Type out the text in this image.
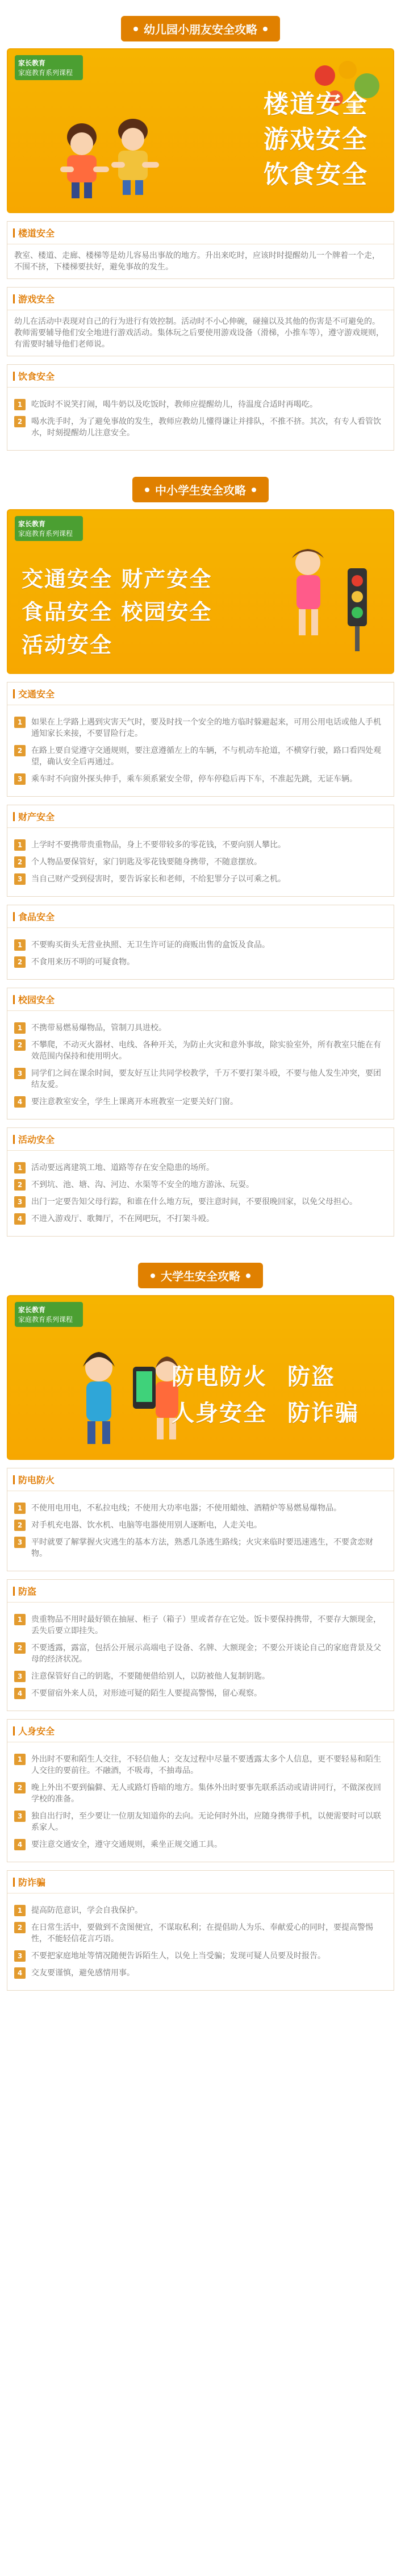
幼儿园小朋友安全攻略
家长教育
家庭教育系列课程
楼道安全
游戏安全
饮食安全
楼道安全

教室、楼道、走廊、楼梯等是幼儿容易出事故的地方。升出来吃时，应该时时提醒幼儿一个牌着一个走，不围不挤，下楼梯要扶好，避免事故的发生。

游戏安全

幼儿在活动中表现对自己的行为进行有效控制。活动时不小心伸碗，碰撞以及其他的伤害是不可避免的。教师需要辅导他们安全地进行游戏活动。集体玩之后要使用游戏设备（滑梯，小推车等），遵守游戏规则，有需要时辅导他们老师说。

饮食安全
1	吃饭时不说笑打闹，喝牛奶以及吃饭时，教师应提醒幼儿，待温度合适时再喝吃。
2	喝水洗手时，为了避免事故的发生，教师应教幼儿懂得谦让并排队，不推不挤。其次，有专人看管饮水，时刻提醒幼儿注意安全。
中小学生安全攻略
家长教育
家庭教育系列课程
交通安全 财产安全
食品安全 校园安全
活动安全
交通安全
1	如果在上学路上遇到灾害天气时，要及时找一个安全的地方临时躲避起来，可用公用电话或他人手机通知家长来接，不要冒险行走。
2	在路上要自觉遵守交通规则，要注意遵循左上的车辆，不与机动车抢道，不横穿行驶，路口看四处观望，确认安全后再通过。
3	乘车时不向窗外探头伸手，乘车须系紧安全带，停车停稳后再下车，不准起先跳，无证车辆。
财产安全
1	上学时不要携带贵重物品，身上不要带较多的零花钱，不要向别人攀比。
2	个人物品要保管好，家门钥匙及零花钱要随身携带，不随意摆放。
3	当自己财产受到侵害时，要告诉家长和老师，不给犯罪分子以可乘之机。
食品安全
1	不要购买街头无营业执照、无卫生许可证的商贩出售的盒饭及食品。
2	不食用来历不明的可疑食物。
校园安全
1	不携带易燃易爆物品，管制刀具进校。
2	不攀爬，不动灭火器材、电线、各种开关，为防止火灾和意外事故，除实验室外，所有教室只能在有效范围内保持和使用明火。
3	同学们之间在课余时间，要友好互让共同学校教学，千万不要打架斗殴，不要与他人发生冲突，要团结友爱。
4	要注意教室安全，学生上课离开本班教室一定要关好门窗。
活动安全
1	活动要远离建筑工地、道路等存在安全隐患的场所。
2	不到坑、池、塘、沟、河边、水渠等不安全的地方游泳、玩耍。
3	出门一定要告知父母行踪，和谁在什么地方玩，要注意时间，不要很晚回家，以免父母担心。
4	不进入游戏厅、歌舞厅，不在网吧玩，不打架斗殴。
大学生安全攻略
家长教育
家庭教育系列课程
防电防火 防盗
人身安全 防诈骗
防电防火
1	不使用电用电，不私拉电线；不使用大功率电器；不使用蜡烛、酒精炉等易燃易爆物品。
2	对手机充电器、饮水机、电脑等电器使用别人逐断电，人走关电。
3	平时就要了解掌握火灾逃生的基本方法，熟悉几条逃生路线；火灾来临时要迅速逃生，不要贪恋财物。
防盗
1	贵重物品不用时最好锁在抽屉、柜子（箱子）里或者存在它处。饭卡要保持携带，不要存大额现金，丢失后要立即挂失。
2	不要透露，露富，包括公开展示高端电子设备、名牌、大额现金；不要公开谈论自己的家庭背景及父母的经济状况。
3	注意保管好自己的钥匙，不要随便借给别人，以防被他人复制钥匙。
4	不要留宿外来人员，对形迹可疑的陌生人要提高警惕，留心观察。
人身安全
1	外出时不要和陌生人交往，不轻信他人；交友过程中尽量不要透露太多个人信息，更不要轻易和陌生人交往的要前往。不融酒，不吸毒，不抽毒品。
2	晚上外出不要到偏僻、无人或路灯昏暗的地方。集体外出时要事先联系活动或请讲同行，不做深夜回学校的准备。
3	独自出行时，至少要让一位朋友知道你的去向。无论何时外出，应随身携带手机，以便需要时可以联系家人。
4	要注意交通安全，遵守交通规则，乘坐正规交通工具。
防诈骗
1	提高防范意识，学会自我保护。
2	在日常生活中，要做到不贪图便宜，不谋取私利；在提倡助人为乐、奉献爱心的同时，要提高警惕性，不能轻信花言巧语。
3	不要把家庭地址等情况随便告诉陌生人，以免上当受骗；发现可疑人员要及时报告。
4	交友要谨慎，避免感情用事。
